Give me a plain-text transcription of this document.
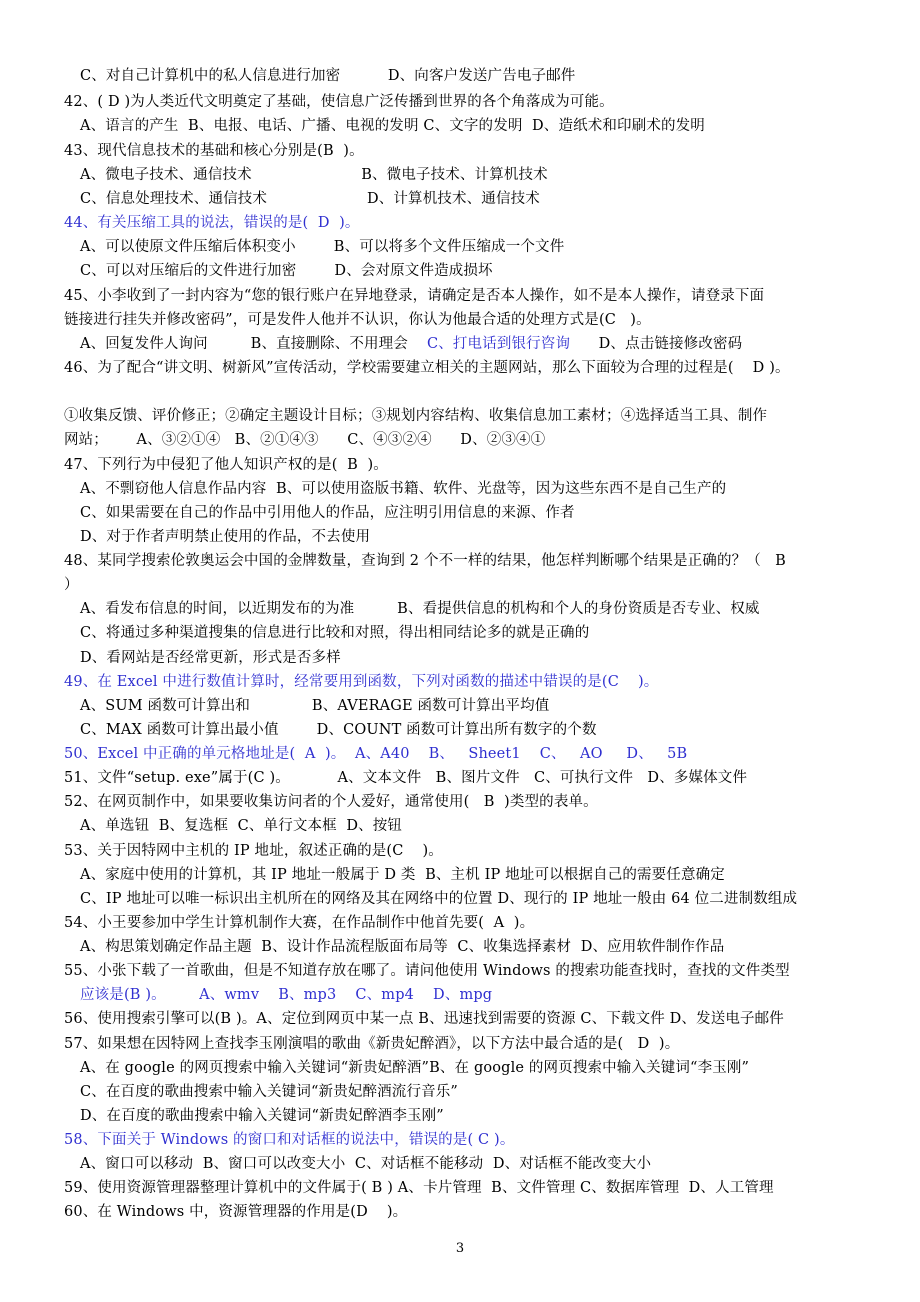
C、对自己计算机中的私人信息进行加密          D、向客户发送广告电子邮件
42、( D )为人类近代文明奠定了基础，使信息广泛传播到世界的各个角落成为可能。
A、语言的产生  B、电报、电话、广播、电视的发明 C、文字的发明  D、造纸术和印刷术的发明
43、现代信息技术的基础和核心分别是(B  )。
A、微电子技术、通信技术                       B、微电子技术、计算机技术
C、信息处理技术、通信技术                     D、计算机技术、通信技术
44、有关压缩工具的说法，错误的是(  D  )。
A、可以使原文件压缩后体积变小        B、可以将多个文件压缩成一个文件
C、可以对压缩后的文件进行加密        D、会对原文件造成损坏
45、小李收到了一封内容为“您的银行账户在异地登录，请确定是否本人操作，如不是本人操作，请登录下面
链接进行挂失并修改密码”，可是发件人他并不认识，你认为他最合适的处理方式是(C   )。
A、回复发件人询问         B、直接删除、不用理会    C、打电话到银行咨询      D、点击链接修改密码
46、为了配合“讲文明、树新风”宣传活动，学校需要建立相关的主题网站，那么下面较为合理的过程是(    D )。
①收集反馈、评价修正；②确定主题设计目标；③规划内容结构、收集信息加工素材；④选择适当工具、制作
网站；      A、③②①④   B、②①④③      C、④③②④      D、②③④①
47、下列行为中侵犯了他人知识产权的是(  B  )。
A、不剽窃他人信息作品内容  B、可以使用盗版书籍、软件、光盘等，因为这些东西不是自己生产的
C、如果需要在自己的作品中引用他人的作品，应注明引用信息的来源、作者
D、对于作者声明禁止使用的作品，不去使用
48、某同学搜索伦敦奥运会中国的金牌数量，查询到 2 个不一样的结果，他怎样判断哪个结果是正确的？（   B
）
A、看发布信息的时间，以近期发布的为准         B、看提供信息的机构和个人的身份资质是否专业、权威
C、将通过多种渠道搜集的信息进行比较和对照，得出相同结论多的就是正确的
D、看网站是否经常更新，形式是否多样
49、在 Excel 中进行数值计算时，经常要用到函数，下列对函数的描述中错误的是(C    )。
A、SUM 函数可计算出和             B、AVERAGE 函数可计算出平均值
C、MAX 函数可计算出最小值        D、COUNT 函数可计算出所有数字的个数
50、Excel 中正确的单元格地址是(  A  )。  A、A40    B、   Sheet1    C、   AO     D、   5B
51、文件“setup. exe”属于(C )。          A、文本文件   B、图片文件   C、可执行文件   D、多媒体文件
52、在网页制作中，如果要收集访问者的个人爱好，通常使用(   B  )类型的表单。
A、单选钮  B、复选框  C、单行文本框  D、按钮
53、关于因特网中主机的 IP 地址，叙述正确的是(C    )。
A、家庭中使用的计算机，其 IP 地址一般属于 D 类  B、主机 IP 地址可以根据自己的需要任意确定
C、IP 地址可以唯一标识出主机所在的网络及其在网络中的位置 D、现行的 IP 地址一般由 64 位二进制数组成
54、小王要参加中学生计算机制作大赛，在作品制作中他首先要(  A  )。
A、构思策划确定作品主题  B、设计作品流程版面布局等  C、收集选择素材  D、应用软件制作作品
55、小张下载了一首歌曲，但是不知道存放在哪了。请问他使用 Windows 的搜索功能查找时，查找的文件类型
应该是(B )。       A、wmv    B、mp3    C、mp4    D、mpg
56、使用搜索引擎可以(B )。A、定位到网页中某一点 B、迅速找到需要的资源 C、下载文件 D、发送电子邮件
57、如果想在因特网上查找李玉刚演唱的歌曲《新贵妃醉酒》，以下方法中最合适的是(   D  )。
A、在 google 的网页搜索中输入关键词“新贵妃醉酒”B、在 google 的网页搜索中输入关键词“李玉刚”
C、在百度的歌曲搜索中输入关键词“新贵妃醉酒流行音乐”
D、在百度的歌曲搜索中输入关键词“新贵妃醉酒李玉刚”
58、下面关于 Windows 的窗口和对话框的说法中，错误的是( C )。
A、窗口可以移动  B、窗口可以改变大小  C、对话框不能移动  D、对话框不能改变大小
59、使用资源管理器整理计算机中的文件属于( B ) A、卡片管理  B、文件管理 C、数据库管理  D、人工管理
60、在 Windows 中，资源管理器的作用是(D    )。
3
